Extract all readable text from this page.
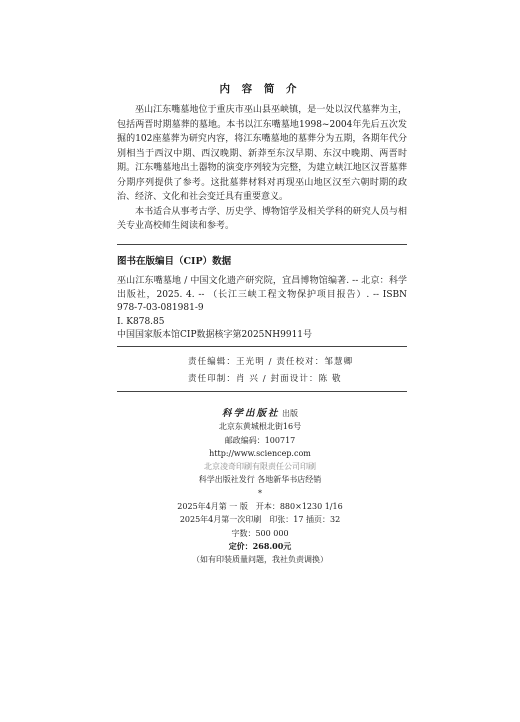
内 容 简 介

巫山江东嘴墓地位于重庆市巫山县巫峡镇，是一处以汉代墓葬为主，包括两晋时期墓葬的墓地。本书以江东嘴墓地1998~2004年先后五次发掘的102座墓葬为研究内容，将江东嘴墓地的墓葬分为五期，各期年代分别相当于西汉中期、西汉晚期、新莽至东汉早期、东汉中晚期、两晋时期。江东嘴墓地出土器物的演变序列较为完整，为建立峡江地区汉晋墓葬分期序列提供了参考。这批墓葬材料对再现巫山地区汉至六朝时期的政治、经济、文化和社会变迁具有重要意义。

本书适合从事考古学、历史学、博物馆学及相关学科的研究人员与相关专业高校师生阅读和参考。

图书在版编目（CIP）数据
巫山江东嘴墓地 / 中国文化遗产研究院，宜昌博物馆编著. -- 北京：科学出版社，2025. 4. -- （长江三峡工程文物保护项目报告）. -- ISBN 978-7-03-081981-9
Ⅰ. K878.85
中国国家版本馆CIP数据核字第2025NH9911号
责任编辑：王光明 / 责任校对：邹慧卿
责任印制：肖 兴 / 封面设计：陈 敬
科学出版社 出版
北京东黄城根北街16号
邮政编码：100717
http://www.sciencep.com
北京凌奇印刷有限责任公司印刷
科学出版社发行 各地新华书店经销
*
2025年4月第 一 版 开本：880×1230 1/16
2025年4月第一次印刷 印张：17 插页：32
字数：500 000
定价：268.00元
（如有印装质量问题，我社负责调换）
